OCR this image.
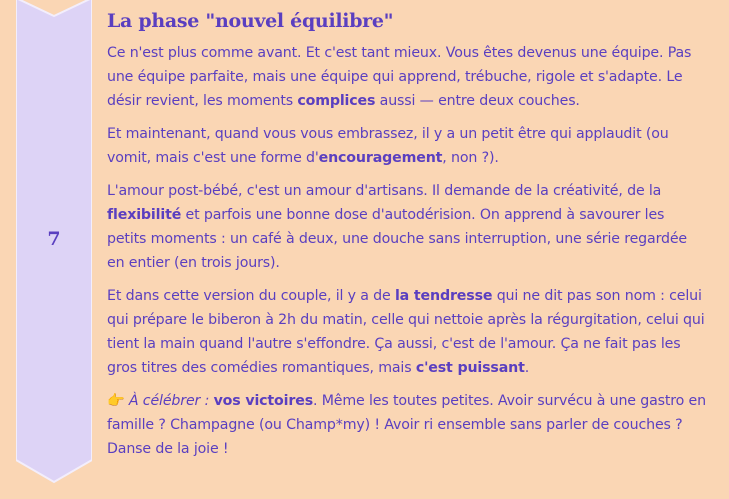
7
La phase "nouvel équilibre"

Ce n'est plus comme avant. Et c'est tant mieux. Vous êtes devenus une équipe. Pas une équipe parfaite, mais une équipe qui apprend, trébuche, rigole et s'adapte. Le désir revient, les moments complices aussi — entre deux couches.

Et maintenant, quand vous vous embrassez, il y a un petit être qui applaudit (ou vomit, mais c'est une forme d'encouragement, non ?).

L'amour post-bébé, c'est un amour d'artisans. Il demande de la créativité, de la flexibilité et parfois une bonne dose d'autodérision. On apprend à savourer les petits moments : un café à deux, une douche sans interruption, une série regardée en entier (en trois jours).

Et dans cette version du couple, il y a de la tendresse qui ne dit pas son nom : celui qui prépare le biberon à 2h du matin, celle qui nettoie après la régurgitation, celui qui tient la main quand l'autre s'effondre. Ça aussi, c'est de l'amour. Ça ne fait pas les gros titres des comédies romantiques, mais c'est puissant.

👉 À célébrer : vos victoires. Même les toutes petites. Avoir survécu à une gastro en famille ? Champagne (ou Champ*my) ! Avoir ri ensemble sans parler de couches ? Danse de la joie !
